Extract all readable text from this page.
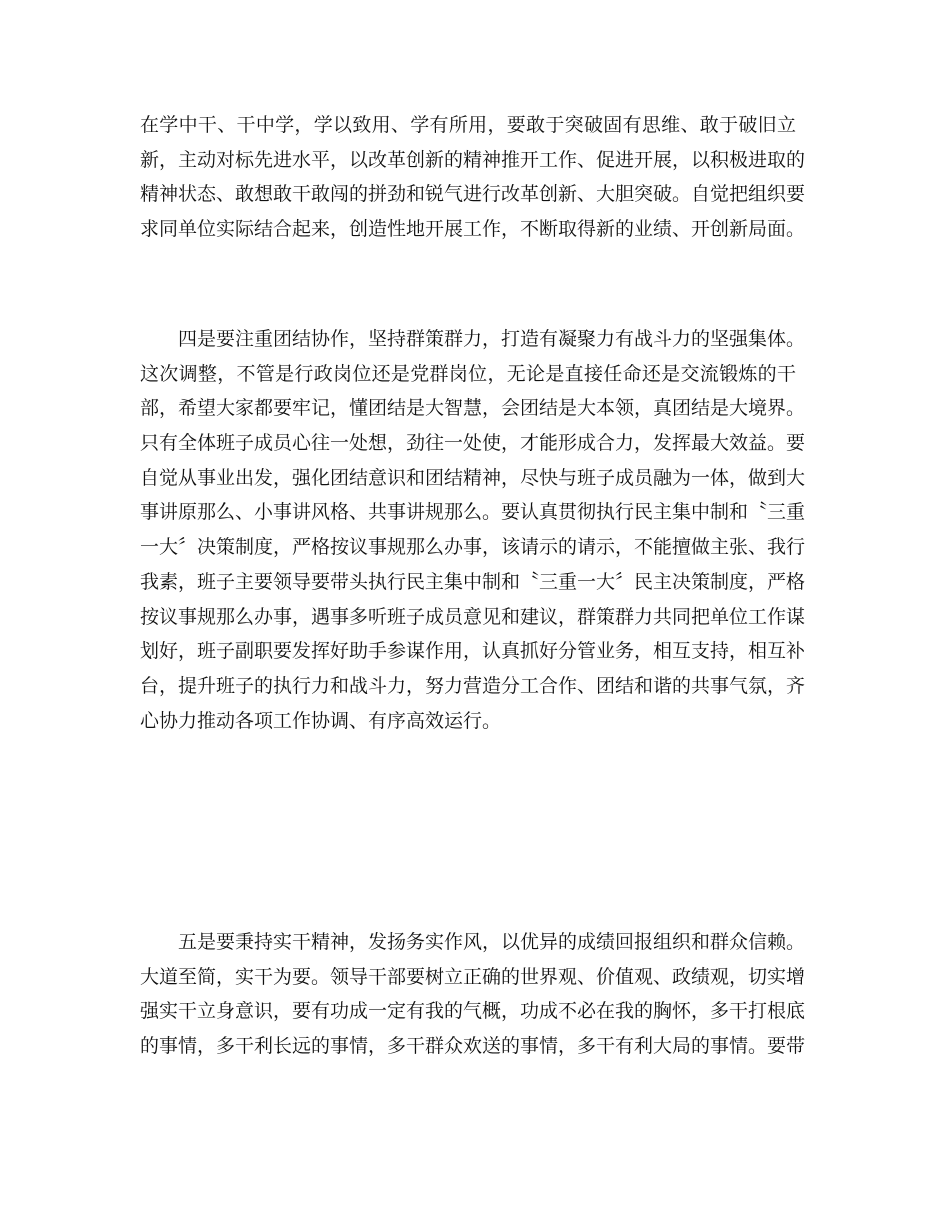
在学中干、干中学，学以致用、学有所用，要敢于突破固有思维、敢于破旧立
新，主动对标先进水平，以改革创新的精神推开工作、促进开展，以积极进取的
精神状态、敢想敢干敢闯的拼劲和锐气进行改革创新、大胆突破。自觉把组织要
求同单位实际结合起来，创造性地开展工作，不断取得新的业绩、开创新局面。
四是要注重团结协作，坚持群策群力，打造有凝聚力有战斗力的坚强集体。
这次调整，不管是行政岗位还是党群岗位，无论是直接任命还是交流锻炼的干
部，希望大家都要牢记，懂团结是大智慧，会团结是大本领，真团结是大境界。
只有全体班子成员心往一处想，劲往一处使，才能形成合力，发挥最大效益。要
自觉从事业出发，强化团结意识和团结精神，尽快与班子成员融为一体，做到大
事讲原那么、小事讲风格、共事讲规那么。要认真贯彻执行民主集中制和〝三重
一大〞决策制度，严格按议事规那么办事，该请示的请示，不能擅做主张、我行
我素，班子主要领导要带头执行民主集中制和〝三重一大〞民主决策制度，严格
按议事规那么办事，遇事多听班子成员意见和建议，群策群力共同把单位工作谋
划好，班子副职要发挥好助手参谋作用，认真抓好分管业务，相互支持，相互补
台，提升班子的执行力和战斗力，努力营造分工合作、团结和谐的共事气氛，齐
心协力推动各项工作协调、有序高效运行。
五是要秉持实干精神，发扬务实作风，以优异的成绩回报组织和群众信赖。
大道至简，实干为要。领导干部要树立正确的世界观、价值观、政绩观，切实增
强实干立身意识，要有功成一定有我的气概，功成不必在我的胸怀，多干打根底
的事情，多干利长远的事情，多干群众欢送的事情，多干有利大局的事情。要带
